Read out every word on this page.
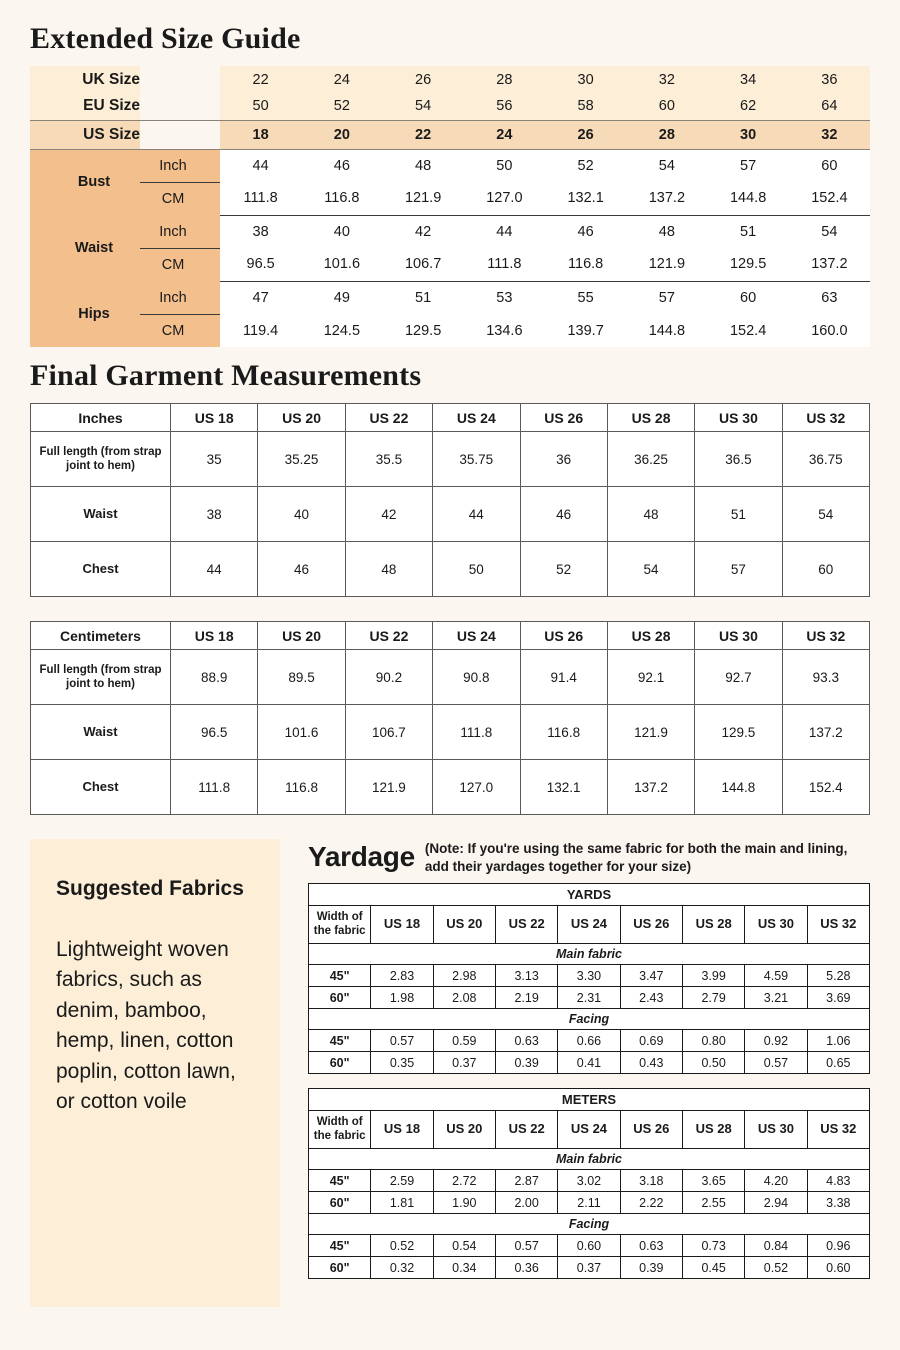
Extended Size Guide
UK Size		22	24	26	28	30	32	34	36
EU Size		50	52	54	56	58	60	62	64
US Size		18	20	22	24	26	28	30	32
Bust	Inch	44	46	48	50	52	54	57	60
	CM	111.8	116.8	121.9	127.0	132.1	137.2	144.8	152.4
Waist	Inch	38	40	42	44	46	48	51	54
	CM	96.5	101.6	106.7	111.8	116.8	121.9	129.5	137.2
Hips	Inch	47	49	51	53	55	57	60	63
	CM	119.4	124.5	129.5	134.6	139.7	144.8	152.4	160.0
Final Garment Measurements
Inches	US 18	US 20	US 22	US 24	US 26	US 28	US 30	US 32
Full length (from strap joint to hem)	35	35.25	35.5	35.75	36	36.25	36.5	36.75
Waist	38	40	42	44	46	48	51	54
Chest	44	46	48	50	52	54	57	60
Centimeters	US 18	US 20	US 22	US 24	US 26	US 28	US 30	US 32
Full length (from strap joint to hem)	88.9	89.5	90.2	90.8	91.4	92.1	92.7	93.3
Waist	96.5	101.6	106.7	111.8	116.8	121.9	129.5	137.2
Chest	111.8	116.8	121.9	127.0	132.1	137.2	144.8	152.4
Suggested Fabrics

Lightweight woven fabrics, such as denim, bamboo, hemp, linen, cotton poplin, cotton lawn, or cotton voile

Yardage (Note: If you're using the same fabric for both the main and lining, add their yardages together for your size)
YARDS								
Width of the fabric	US 18	US 20	US 22	US 24	US 26	US 28	US 30	US 32
Main fabric								
45"	2.83	2.98	3.13	3.30	3.47	3.99	4.59	5.28
60"	1.98	2.08	2.19	2.31	2.43	2.79	3.21	3.69
Facing								
45"	0.57	0.59	0.63	0.66	0.69	0.80	0.92	1.06
60"	0.35	0.37	0.39	0.41	0.43	0.50	0.57	0.65
METERS								
Width of the fabric	US 18	US 20	US 22	US 24	US 26	US 28	US 30	US 32
Main fabric								
45"	2.59	2.72	2.87	3.02	3.18	3.65	4.20	4.83
60"	1.81	1.90	2.00	2.11	2.22	2.55	2.94	3.38
Facing								
45"	0.52	0.54	0.57	0.60	0.63	0.73	0.84	0.96
60"	0.32	0.34	0.36	0.37	0.39	0.45	0.52	0.60
